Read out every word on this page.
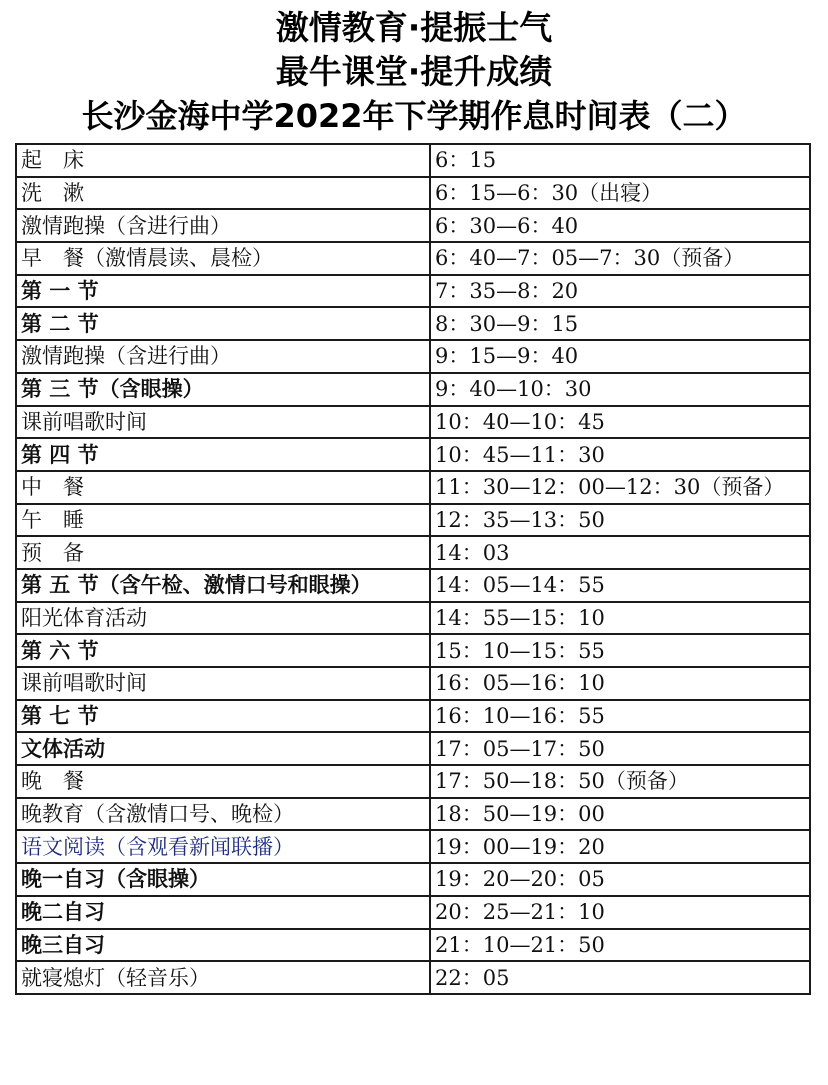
激情教育·提振士气
最牛课堂·提升成绩
长沙金海中学2022年下学期作息时间表（二）
起　床	6：15
洗　漱	6：15—6：30（出寝）
激情跑操（含进行曲）	6：30—6：40
早　餐（激情晨读、晨检）	6：40—7：05—7：30（预备）
第 一 节	7：35—8：20
第 二 节	8：30—9：15
激情跑操（含进行曲）	9：15—9：40
第 三 节（含眼操）	9：40—10：30
课前唱歌时间	10：40—10：45
第 四 节	10：45—11：30
中　餐	11：30—12：00—12：30（预备）
午　睡	12：35—13：50
预　备	14：03
第 五 节（含午检、激情口号和眼操）	14：05—14：55
阳光体育活动	14：55—15：10
第 六 节	15：10—15：55
课前唱歌时间	16：05—16：10
第 七 节	16：10—16：55
文体活动	17：05—17：50
晚　餐	17：50—18：50（预备）
晚教育（含激情口号、晚检）	18：50—19：00
语文阅读（含观看新闻联播）	19：00—19：20
晚一自习（含眼操）	19：20—20：05
晚二自习	20：25—21：10
晚三自习	21：10—21：50
就寝熄灯（轻音乐）	22：05
